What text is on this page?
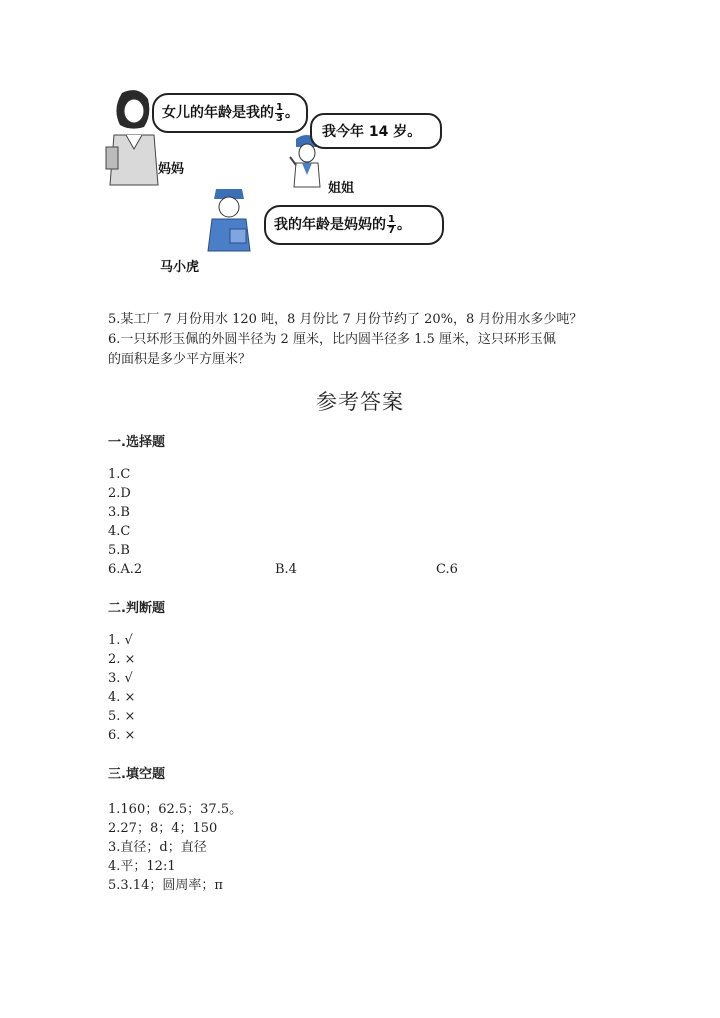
女儿的年龄是我的 $\frac{1}{3}$ 。
妈妈
我今年 14 岁。
姐姐
我的年龄是妈妈的 $\frac{1}{7}$ 。
马小虎
5.某工厂 7 月份用水 120 吨，8 月份比 7 月份节约了 20%，8 月份用水多少吨？
6.一只环形玉佩的外圆半径为 2 厘米，比内圆半径多 1.5 厘米，这只环形玉佩
的面积是多少平方厘米？
参考答案
一.选择题
1.C
2.D
3.B
4.C
5.B
6.A.2	B.4	C.6
二.判断题
1. √
2. ×
3. √
4. ×
5. ×
6. ×
三.填空题
1.160；62.5；37.5。
2.27；8；4；150
3.直径；d；直径
4.平；12:1
5.3.14；圆周率；π
